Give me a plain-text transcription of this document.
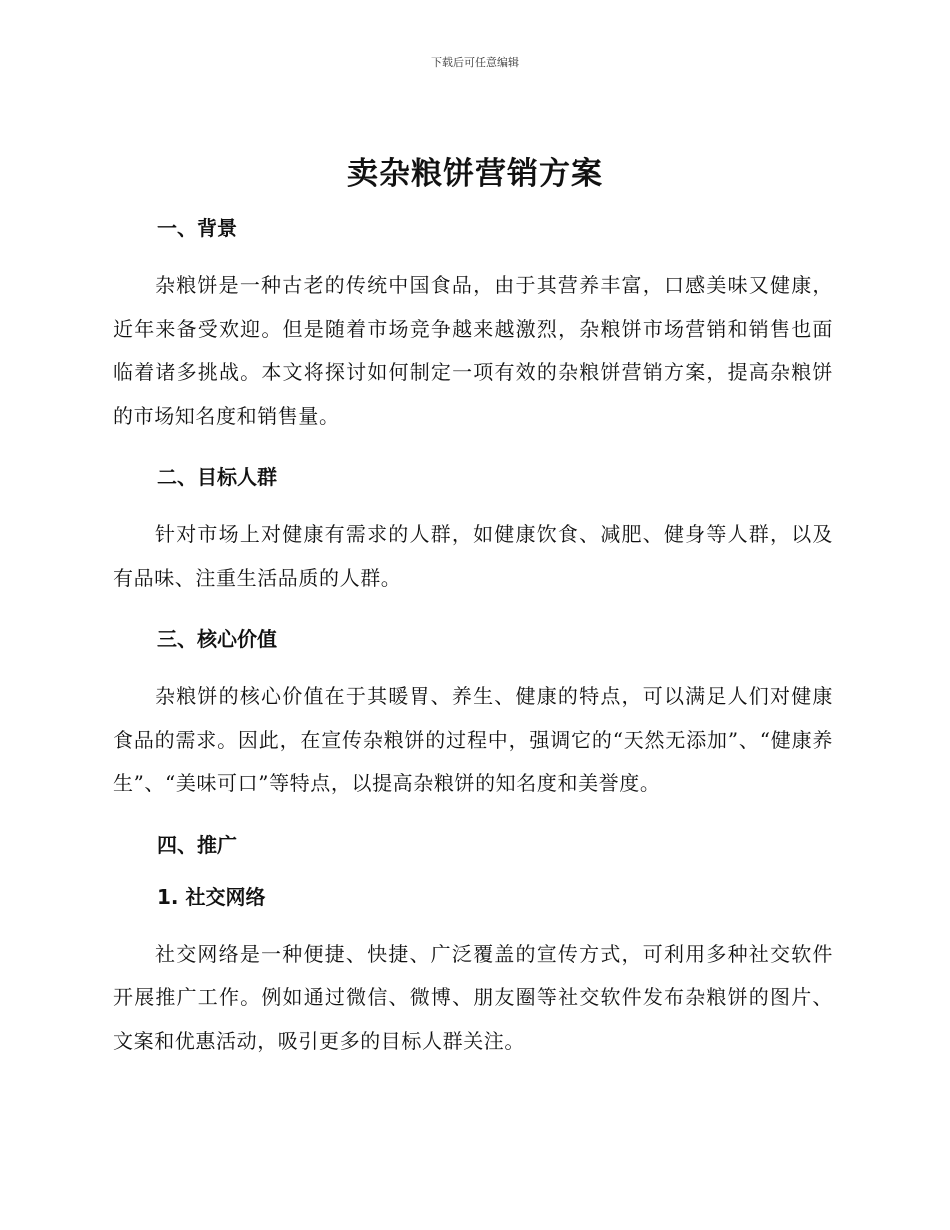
下载后可任意编辑
卖杂粮饼营销方案
一、背景

杂粮饼是一种古老的传统中国食品，由于其营养丰富，口感美味又健康，近年来备受欢迎。但是随着市场竞争越来越激烈，杂粮饼市场营销和销售也面临着诸多挑战。本文将探讨如何制定一项有效的杂粮饼营销方案，提高杂粮饼的市场知名度和销售量。

二、目标人群

针对市场上对健康有需求的人群，如健康饮食、减肥、健身等人群，以及有品味、注重生活品质的人群。

三、核心价值

杂粮饼的核心价值在于其暖胃、养生、健康的特点，可以满足人们对健康食品的需求。因此，在宣传杂粮饼的过程中，强调它的“天然无添加”、“健康养生”、“美味可口”等特点，以提高杂粮饼的知名度和美誉度。

四、推广
1. 社交网络

社交网络是一种便捷、快捷、广泛覆盖的宣传方式，可利用多种社交软件开展推广工作。例如通过微信、微博、朋友圈等社交软件发布杂粮饼的图片、文案和优惠活动，吸引更多的目标人群关注。
